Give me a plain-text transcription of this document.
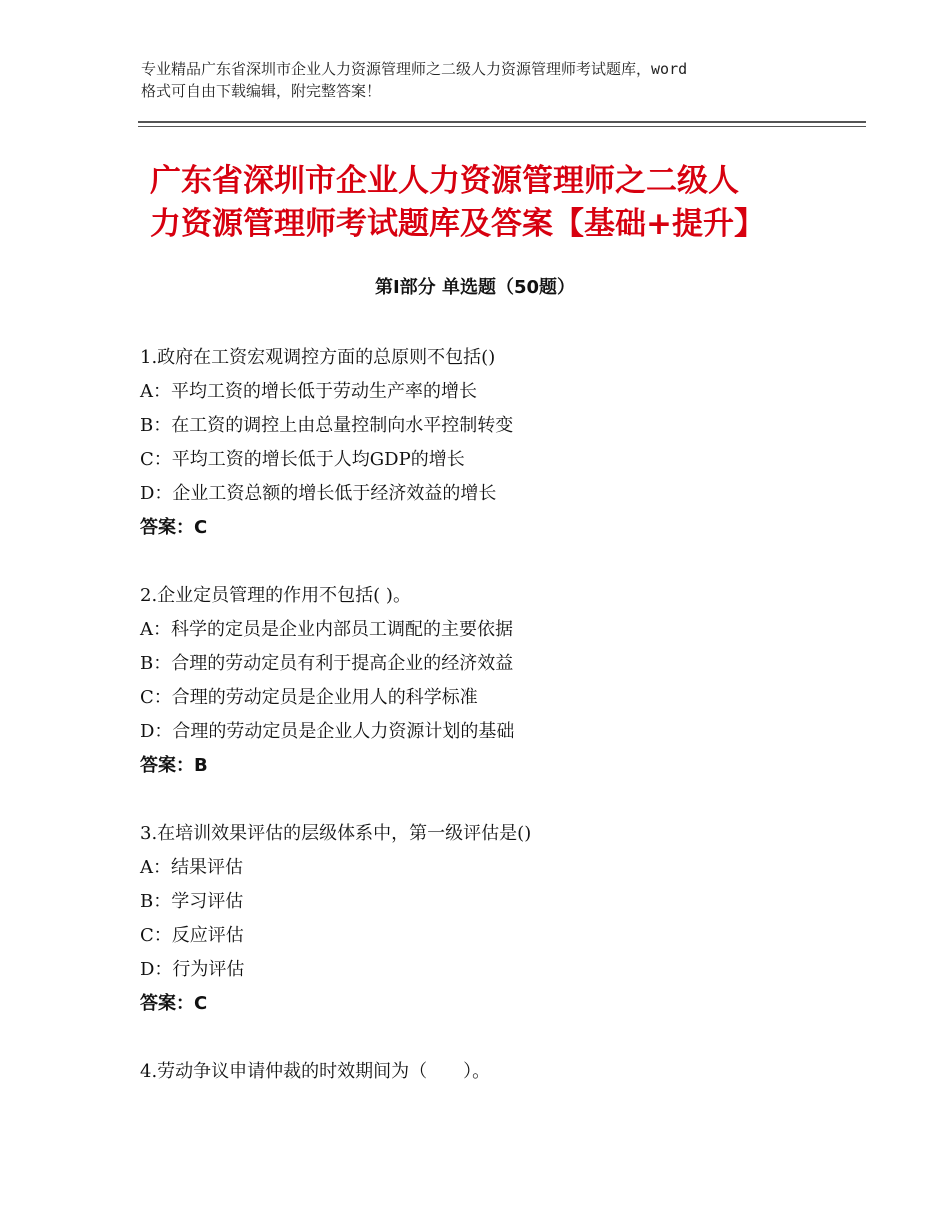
专业精品广东省深圳市企业人力资源管理师之二级人力资源管理师考试题库，word
格式可自由下载编辑，附完整答案！
广东省深圳市企业人力资源管理师之二级人
力资源管理师考试题库及答案【基础+提升】
第Ⅰ部分 单选题（50题）
1.政府在工资宏观调控方面的总原则不包括()
A：平均工资的增长低于劳动生产率的增长
B：在工资的调控上由总量控制向水平控制转变
C：平均工资的增长低于人均GDP的增长
D：企业工资总额的增长低于经济效益的增长
答案：C
2.企业定员管理的作用不包括( )。
A：科学的定员是企业内部员工调配的主要依据
B：合理的劳动定员有利于提高企业的经济效益
C：合理的劳动定员是企业用人的科学标准
D：合理的劳动定员是企业人力资源计划的基础
答案：B
3.在培训效果评估的层级体系中，第一级评估是()
A：结果评估
B：学习评估
C：反应评估
D：行为评估
答案：C
4.劳动争议申请仲裁的时效期间为（　　）。
